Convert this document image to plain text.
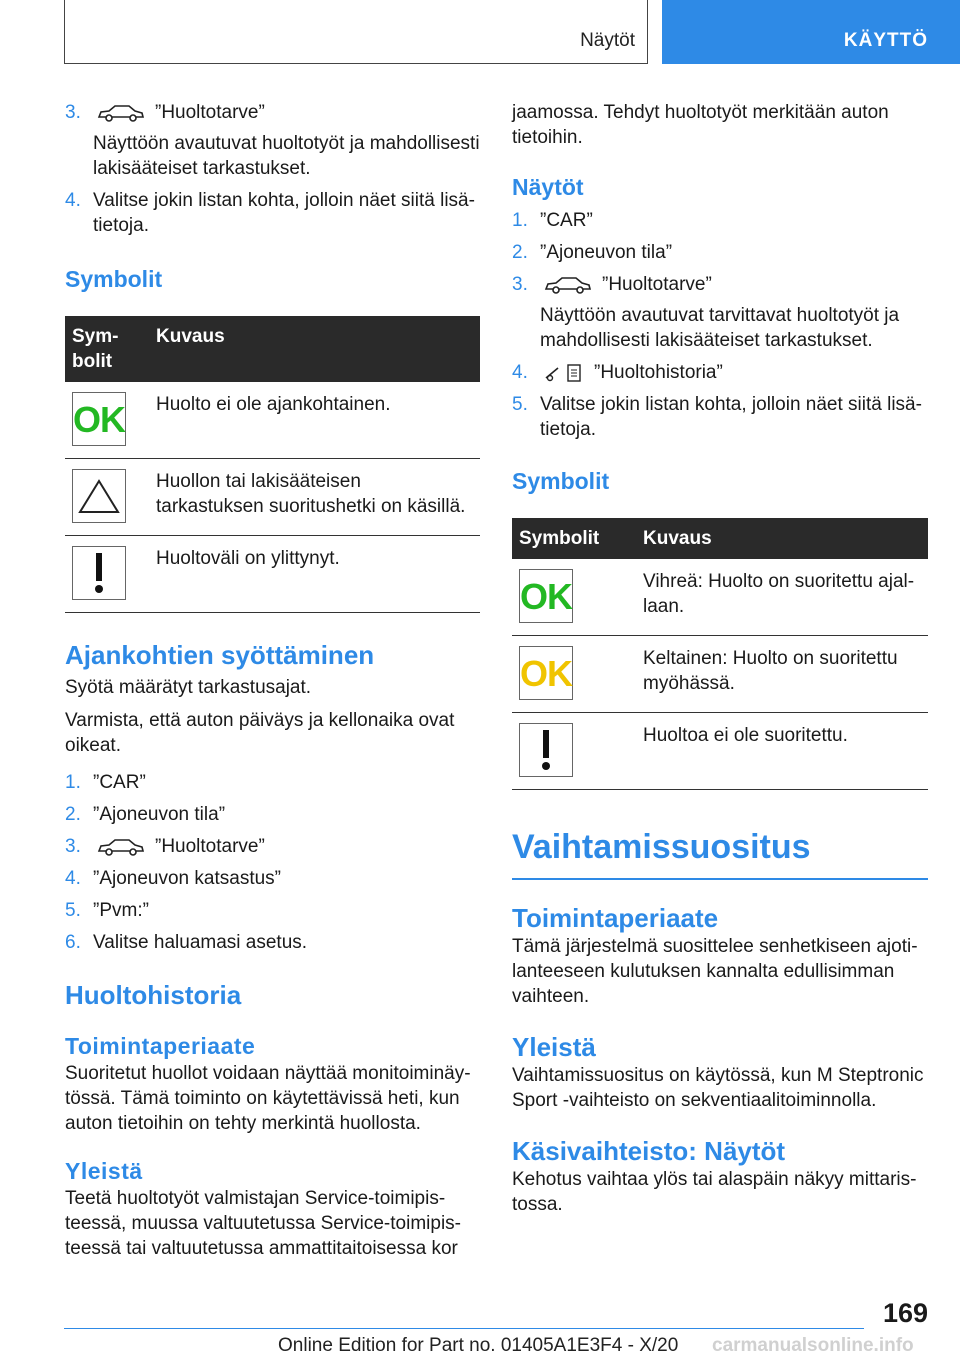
Näytöt	KÄYTTÖ
3.	”Huoltotarve”

Näyttöön avautuvat huoltotyöt ja mahdollisesti lakisääteiset tarkastukset.

4. Valitse jokin listan kohta, jolloin näet siitä lisätietoja.
Symbolit
Symbolit	Kuvaus

OK	Huolto ei ole ajankohtainen.

	Huollon tai lakisääteisen tarkastuksen suoritushetki on käsillä.

	Huoltoväli on ylittynyt.
Ajankohtien syöttäminen

Syötä määrätyt tarkastusajat.

Varmista, että auton päiväys ja kellonaika ovat oikeat.

1. ”CAR”
2. ”Ajoneuvon tila”
3.	”Huoltotarve”
4. ”Ajoneuvon katsastus”
5. ”Pvm:”
6. Valitse haluamasi asetus.
Huoltohistoria
Toimintaperiaate

Suoritetut huollot voidaan näyttää monitoiminäytössä. Tämä toiminto on käytettävissä heti, kun auton tietoihin on tehty merkintä huollosta.

Yleistä

Teetä huoltotyöt valmistajan Service-toimipisteessä, muussa valtuutetussa Service-toimipisteessä tai valtuutetussa ammattitaitoisessa kor

jaamossa. Tehdyt huoltotyöt merkitään auton tietoihin.

Näytöt
1. ”CAR”
2. ”Ajoneuvon tila”
3.	”Huoltotarve”

Näyttöön avautuvat tarvittavat huoltotyöt ja mahdollisesti lakisääteiset tarkastukset.

4.	”Huoltohistoria”
5. Valitse jokin listan kohta, jolloin näet siitä lisätietoja.
Symbolit
Symbolit	Kuvaus

OK	Vihreä: Huolto on suoritettu ajallaan.

OK	Keltainen: Huolto on suoritettu myöhässä.

	Huoltoa ei ole suoritettu.
Vaihtamissuositus
Toimintaperiaate

Tämä järjestelmä suosittelee senhetkiseen ajotilanteeseen kulutuksen kannalta edullisimman vaihteen.

Yleistä

Vaihtamissuositus on käytössä, kun M Steptronic Sport -vaihteisto on sekventiaalitoiminnolla.

Käsivaihteisto: Näytöt

Kehotus vaihtaa ylös tai alaspäin näkyy mittaristossa.

169
Online Edition for Part no. 01405A1E3F4 - X/20 carmanualsonline.info
